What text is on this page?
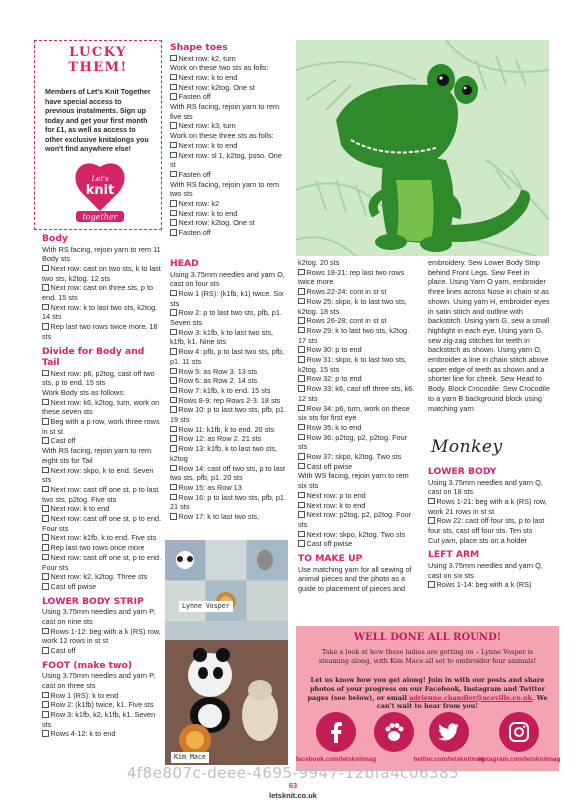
LUCKY THEM!
Members of Let's Knit Together have special access to previous instalments. Sign up today and get your first month for £1, as well as access to other exclusive knitalongs you won't find anywhere else!
Let's
knit
together
Body
With RS facing, rejoin yarn to rem 11 Body sts
Next row: cast on two sts, k to last two sts, k2tog. 12 sts
Next row: cast on three sts, p to end. 15 sts
Next row: k to last two sts, k2tog. 14 sts
Rep last two rows twice more. 18 sts
Divide for Body and Tail
Next row: p6, p2tog, cast off two sts, p to end. 15 sts
Work Body sts as follows:
Next row: k6, k2tog, turn, work on these seven sts
Beg with a p row, work three rows in st st
Cast off
With RS facing, rejoin yarn to rem eight sts for Tail
Next row: skpo, k to end. Seven sts
Next row: cast off one st, p to last two sts, p2tog. Five sts
Next row: k to end
Next row: cast off one st, p to end. Four sts
Next row: k1fb, k to end. Five sts
Rep last two rows once more
Next row: cast off one st, p to end. Four sts
Next row: k2, k2tog. Three sts
Cast off pwise
LOWER BODY STRIP
Using 3.75mm needles and yarn P, cast on nine sts
Rows 1-12: beg with a k (RS) row, work 12 rows in st st
Cast off
FOOT (make two)
Using 3.75mm needles and yarn P, cast on three sts
Row 1 (RS): k to end
Row 2: (k1fb) twice, k1. Five sts
Row 3: k1fb, k2, k1fb, k1. Seven sts
Rows 4-12: k to end
Shape toes
Next row: k2, turn
Work on these two sts as folls:
Next row: k to end
Next row: k2tog. One st
Fasten off
With RS facing, rejoin yarn to rem five sts
Next row: k3, turn
Work on these three sts as folls:
Next row: k to end
Next row: sl 1, k2tog, psso. One st
Fasten off
With RS facing, rejoin yarn to rem two sts
Next row: k2
Next row: k to end
Next row: k2tog. One st
Fasten off
HEAD
Using 3.75mm needles and yarn O, cast on four sts
Row 1 (RS): (k1fb, k1) twice. Six sts
Row 2: p to last two sts, pfb, p1. Seven sts
Row 3: k1fb, k to last two sts, k1fb, k1. Nine sts
Row 4: pfb, p to last two sts, pfb, p1. 11 sts
Row 5: as Row 3. 13 sts
Row 6: as Row 2. 14 sts
Row 7: k1fb, k to end. 15 sts
Rows 8-9: rep Rows 2-3. 18 sts
Row 10: p to last two sts, pfb, p1. 19 sts
Row 11: k1fb, k to end. 20 sts
Row 12: as Row 2. 21 sts
Row 13: k1fb, k to last two sts, k2tog
Row 14: cast off two sts, p to last two sts, pfb, p1. 20 sts
Row 15: as Row 13
Row 16: p to last two sts, pfb, p1. 21 sts
Row 17: k to last two sts,
k2tog. 20 sts
Rows 18-21: rep last two rows twice more
Rows 22-24: cont in st st
Row 25: skpo, k to last two sts, k2tog. 18 sts
Rows 26-28: cont in st st
Row 29: k to last two sts, k2tog. 17 sts
Row 30: p to end
Row 31: skpo, k to last two sts, k2tog. 15 sts
Row 32: p to end
Row 33: k6, cast off three sts, k6. 12 sts
Row 34: p6, turn, work on these six sts for first eye
Row 35: k to end
Row 36: p2tog, p2, p2tog. Four sts
Row 37: skpo, k2tog. Two sts
Cast off pwise
With WS facing, rejoin yarn to rem six sts
Next row: p to end
Next row: k to end
Next row: p2tog, p2, p2tog. Four sts
Next row: skpo, k2tog. Two sts
Cast off pwise
TO MAKE UP
Use matching yarn for all sewing of animal pieces and the photo as a guide to placement of pieces and
embroidery. Sew Lower Body Strip behind Front Legs. Sew Feet in place. Using Yarn O yarn, embroider three lines across Nose in chain st as shown. Using yarn H, embroider eyes in satin stitch and outline with backstitch. Using yarn G, sew a small highlight in each eye. Using yarn G, sew zig-zag stitches for teeth in backstitch as shown. Using yarn O, embroider a line in chain stitch above upper edge of teeth as shown and a shorter line for cheek. Sew Head to Body. Block Crocodile. Sew Crocodile to a yarn B background block using matching yarn
Monkey
LOWER BODY
Using 3.75mm needles and yarn Q, cast on 18 sts
Rows 1-21: beg with a k (RS) row, work 21 rows in st st
Row 22: cast off four sts, p to last four sts, cast off four sts. Ten sts
Cut yarn, place sts on a holder
LEFT ARM
Using 3.75mm needles and yarn Q, cast on six sts
Rows 1-14: beg with a k (RS)
Lynne Vosper
Kim Mace
WELL DONE ALL ROUND!
Take a look at how these ladies are getting on – Lynne Vosper is steaming along, with Kim Mace all set to embroider four animals!
Let us know how you get along! Join in with our posts and share photos of your progress on our Facebook, Instagram and Twitter pages (see below), or email adrienne.chandler@aceville.co.uk. We can't wait to hear from you!
facebook.com/letsknitmag	twitter.com/letsknitmag
instagram.com/letsknitmag
4f8e807c-deee-4695-9947-12bfa4c06385
63
letsknit.co.uk
